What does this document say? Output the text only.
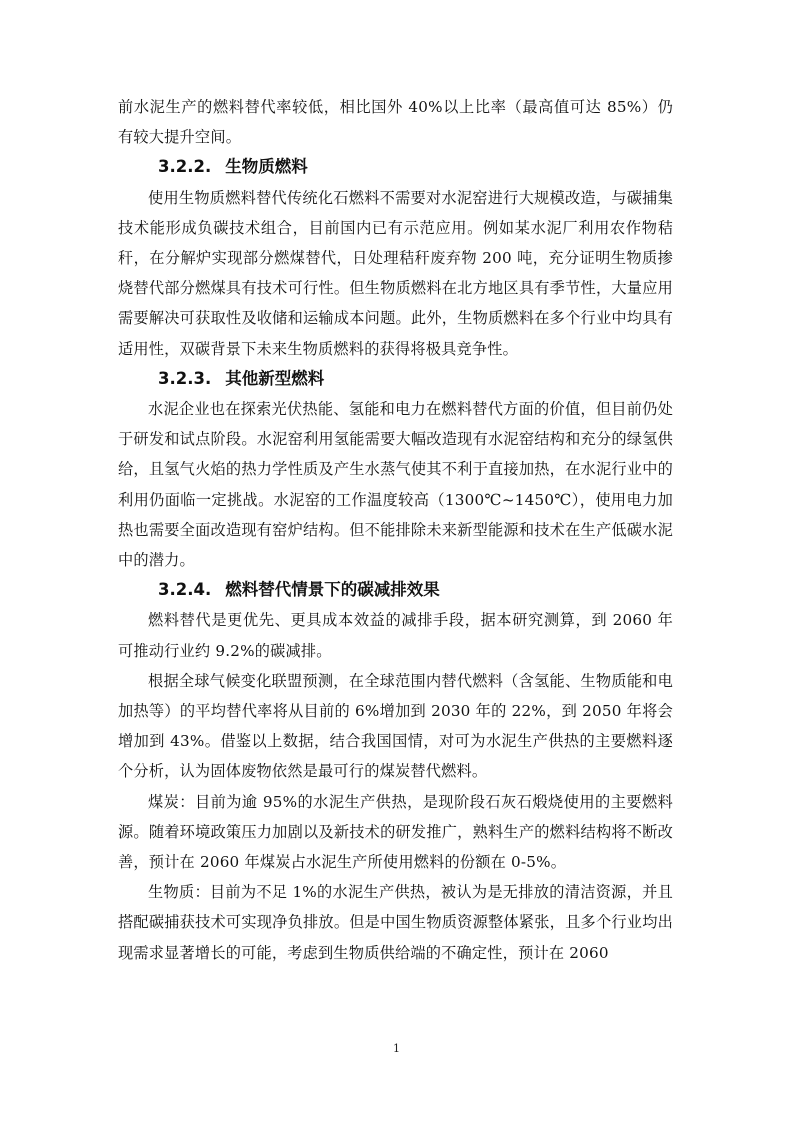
前水泥生产的燃料替代率较低，相比国外 40%以上比率（最高值可达 85%）仍有较大提升空间。

3.2.2. 生物质燃料

使用生物质燃料替代传统化石燃料不需要对水泥窑进行大规模改造，与碳捕集技术能形成负碳技术组合，目前国内已有示范应用。例如某水泥厂利用农作物秸秆，在分解炉实现部分燃煤替代，日处理秸秆废弃物 200 吨，充分证明生物质掺烧替代部分燃煤具有技术可行性。但生物质燃料在北方地区具有季节性，大量应用需要解决可获取性及收储和运输成本问题。此外，生物质燃料在多个行业中均具有适用性，双碳背景下未来生物质燃料的获得将极具竞争性。

3.2.3. 其他新型燃料

水泥企业也在探索光伏热能、氢能和电力在燃料替代方面的价值，但目前仍处于研发和试点阶段。水泥窑利用氢能需要大幅改造现有水泥窑结构和充分的绿氢供给，且氢气火焰的热力学性质及产生水蒸气使其不利于直接加热，在水泥行业中的利用仍面临一定挑战。水泥窑的工作温度较高（1300℃~1450℃），使用电力加热也需要全面改造现有窑炉结构。但不能排除未来新型能源和技术在生产低碳水泥中的潜力。

3.2.4. 燃料替代情景下的碳减排效果

燃料替代是更优先、更具成本效益的减排手段，据本研究测算，到 2060 年可推动行业约 9.2%的碳减排。

根据全球气候变化联盟预测，在全球范围内替代燃料（含氢能、生物质能和电加热等）的平均替代率将从目前的 6%增加到 2030 年的 22%，到 2050 年将会增加到 43%。借鉴以上数据，结合我国国情，对可为水泥生产供热的主要燃料逐个分析，认为固体废物依然是最可行的煤炭替代燃料。

煤炭：目前为逾 95%的水泥生产供热，是现阶段石灰石煅烧使用的主要燃料源。随着环境政策压力加剧以及新技术的研发推广，熟料生产的燃料结构将不断改善，预计在 2060 年煤炭占水泥生产所使用燃料的份额在 0-5%。

生物质：目前为不足 1%的水泥生产供热，被认为是无排放的清洁资源，并且搭配碳捕获技术可实现净负排放。但是中国生物质资源整体紧张，且多个行业均出现需求显著增长的可能，考虑到生物质供给端的不确定性，预计在 2060

1
